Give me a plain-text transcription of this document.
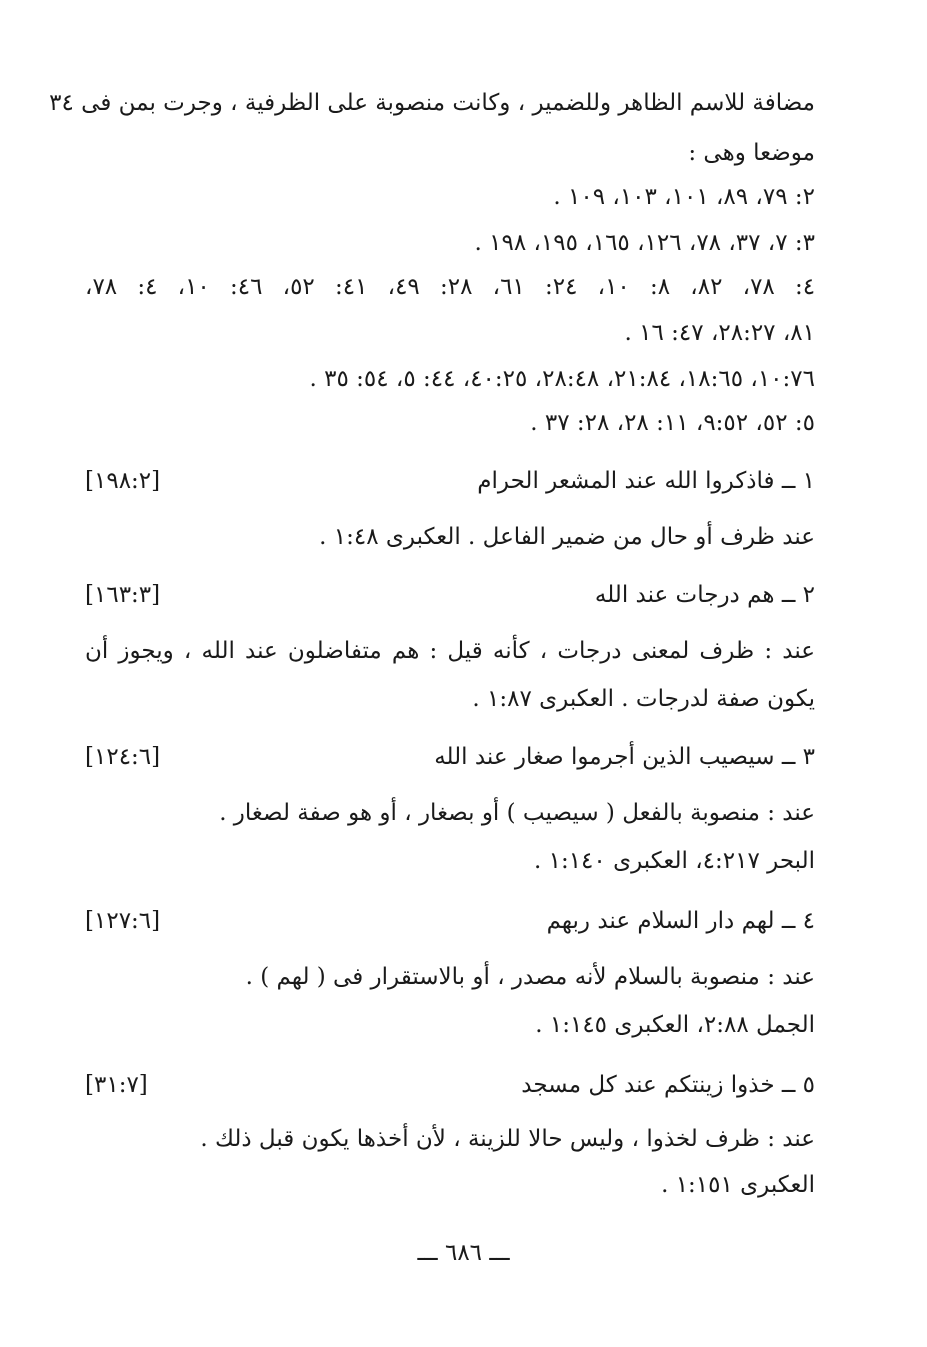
مضافة للاسم الظاهر وللضمير ، وكانت منصوبة على الظرفية ، وجرت بمن فى ٣٤
موضعا وهى :
٢: ٧٩، ٨٩، ١٠١، ١٠٣، ١٠٩ .
٣: ٧، ٣٧، ٧٨، ١٢٦، ١٦٥، ١٩٥، ١٩٨ .
٤: ٧٨، ٨٢، ٨: ١٠، ٢٤: ٦١، ٢٨: ٤٩، ٤١: ٥٢، ٤٦: ١٠، ٤: ٧٨،
٨١، ٢٨:٢٧، ٤٧: ١٦ .
١٠:٧٦، ١٨:٦٥، ٢١:٨٤، ٢٨:٤٨، ٤٠:٢٥، ٤٤: ٥، ٥٤: ٣٥ .
٥: ٥٢، ٩:٥٢، ١١: ٢٨، ٢٨: ٣٧ .
١ ــ فاذكروا الله عند المشعر الحرام
[١٩٨:٢]
عند ظرف أو حال من ضمير الفاعل . العكبرى ١:٤٨ .
٢ ــ هم درجات عند الله
[١٦٣:٣]
عند : ظرف لمعنى درجات ، كأنه قيل : هم متفاضلون عند الله ، ويجوز أن
يكون صفة لدرجات . العكبرى ١:٨٧ .
٣ ــ سيصيب الذين أجرموا صغار عند الله
[١٢٤:٦]
عند : منصوبة بالفعل ( سيصيب ) أو بصغار ، أو هو صفة لصغار .
البحر ٤:٢١٧، العكبرى ١:١٤٠ .
٤ ــ لهم دار السلام عند ربهم
[١٢٧:٦]
عند : منصوبة بالسلام لأنه مصدر ، أو بالاستقرار فى ( لهم ) .
الجمل ٢:٨٨، العكبرى ١:١٤٥ .
٥ ــ خذوا زينتكم عند كل مسجد
[٣١:٧]
عند : ظرف لخذوا ، وليس حالا للزينة ، لأن أخذها يكون قبل ذلك .
العكبرى ١:١٥١ .
ـــ ٦٨٦ ـــ
